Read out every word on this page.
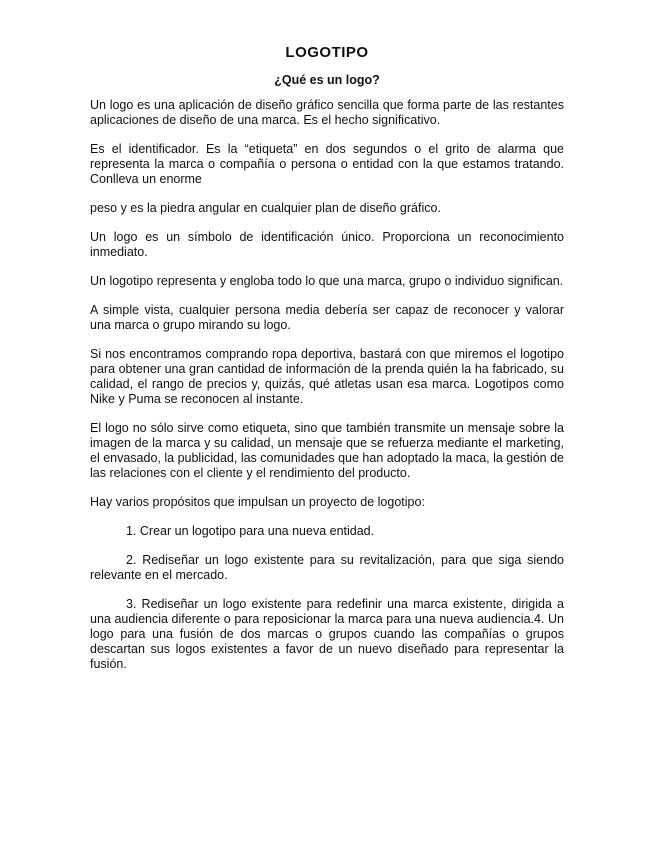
LOGOTIPO
¿Qué es un logo?

Un logo es una aplicación de diseño gráfico sencilla que forma parte de las restantes aplicaciones de diseño de una marca. Es el hecho significativo.

Es el identificador. Es la “etiqueta” en dos segundos o el grito de alarma que representa la marca o compañía o persona o entidad con la que estamos tratando. Conlleva un enorme

peso y es la piedra angular en cualquier plan de diseño gráfico.

Un logo es un símbolo de identificación único. Proporciona un reconocimiento inmediato.

Un logotipo representa y engloba todo lo que una marca, grupo o individuo significan.

A simple vista, cualquier persona media debería ser capaz de reconocer y valorar una marca o grupo mirando su logo.

Si nos encontramos comprando ropa deportiva, bastará con que miremos el logotipo para obtener una gran cantidad de información de la prenda quién la ha fabricado, su calidad, el rango de precios y, quizás, qué atletas usan esa marca. Logotipos como Nike y Puma se reconocen al instante.

El logo no sólo sirve como etiqueta, sino que también transmite un mensaje sobre la imagen de la marca y su calidad, un mensaje que se refuerza mediante el marketing, el envasado, la publicidad, las comunidades que han adoptado la maca, la gestión de las relaciones con el cliente y el rendimiento del producto.

Hay varios propósitos que impulsan un proyecto de logotipo:

1. Crear un logotipo para una nueva entidad.

2. Rediseñar un logo existente para su revitalización, para que siga siendo relevante en el mercado.

3. Rediseñar un logo existente para redefinir una marca existente, dirigida a una audiencia diferente o para reposicionar la marca para una nueva audiencia.4. Un logo para una fusión de dos marcas o grupos cuando las compañías o grupos descartan sus logos existentes a favor de un nuevo diseñado para representar la fusión.
